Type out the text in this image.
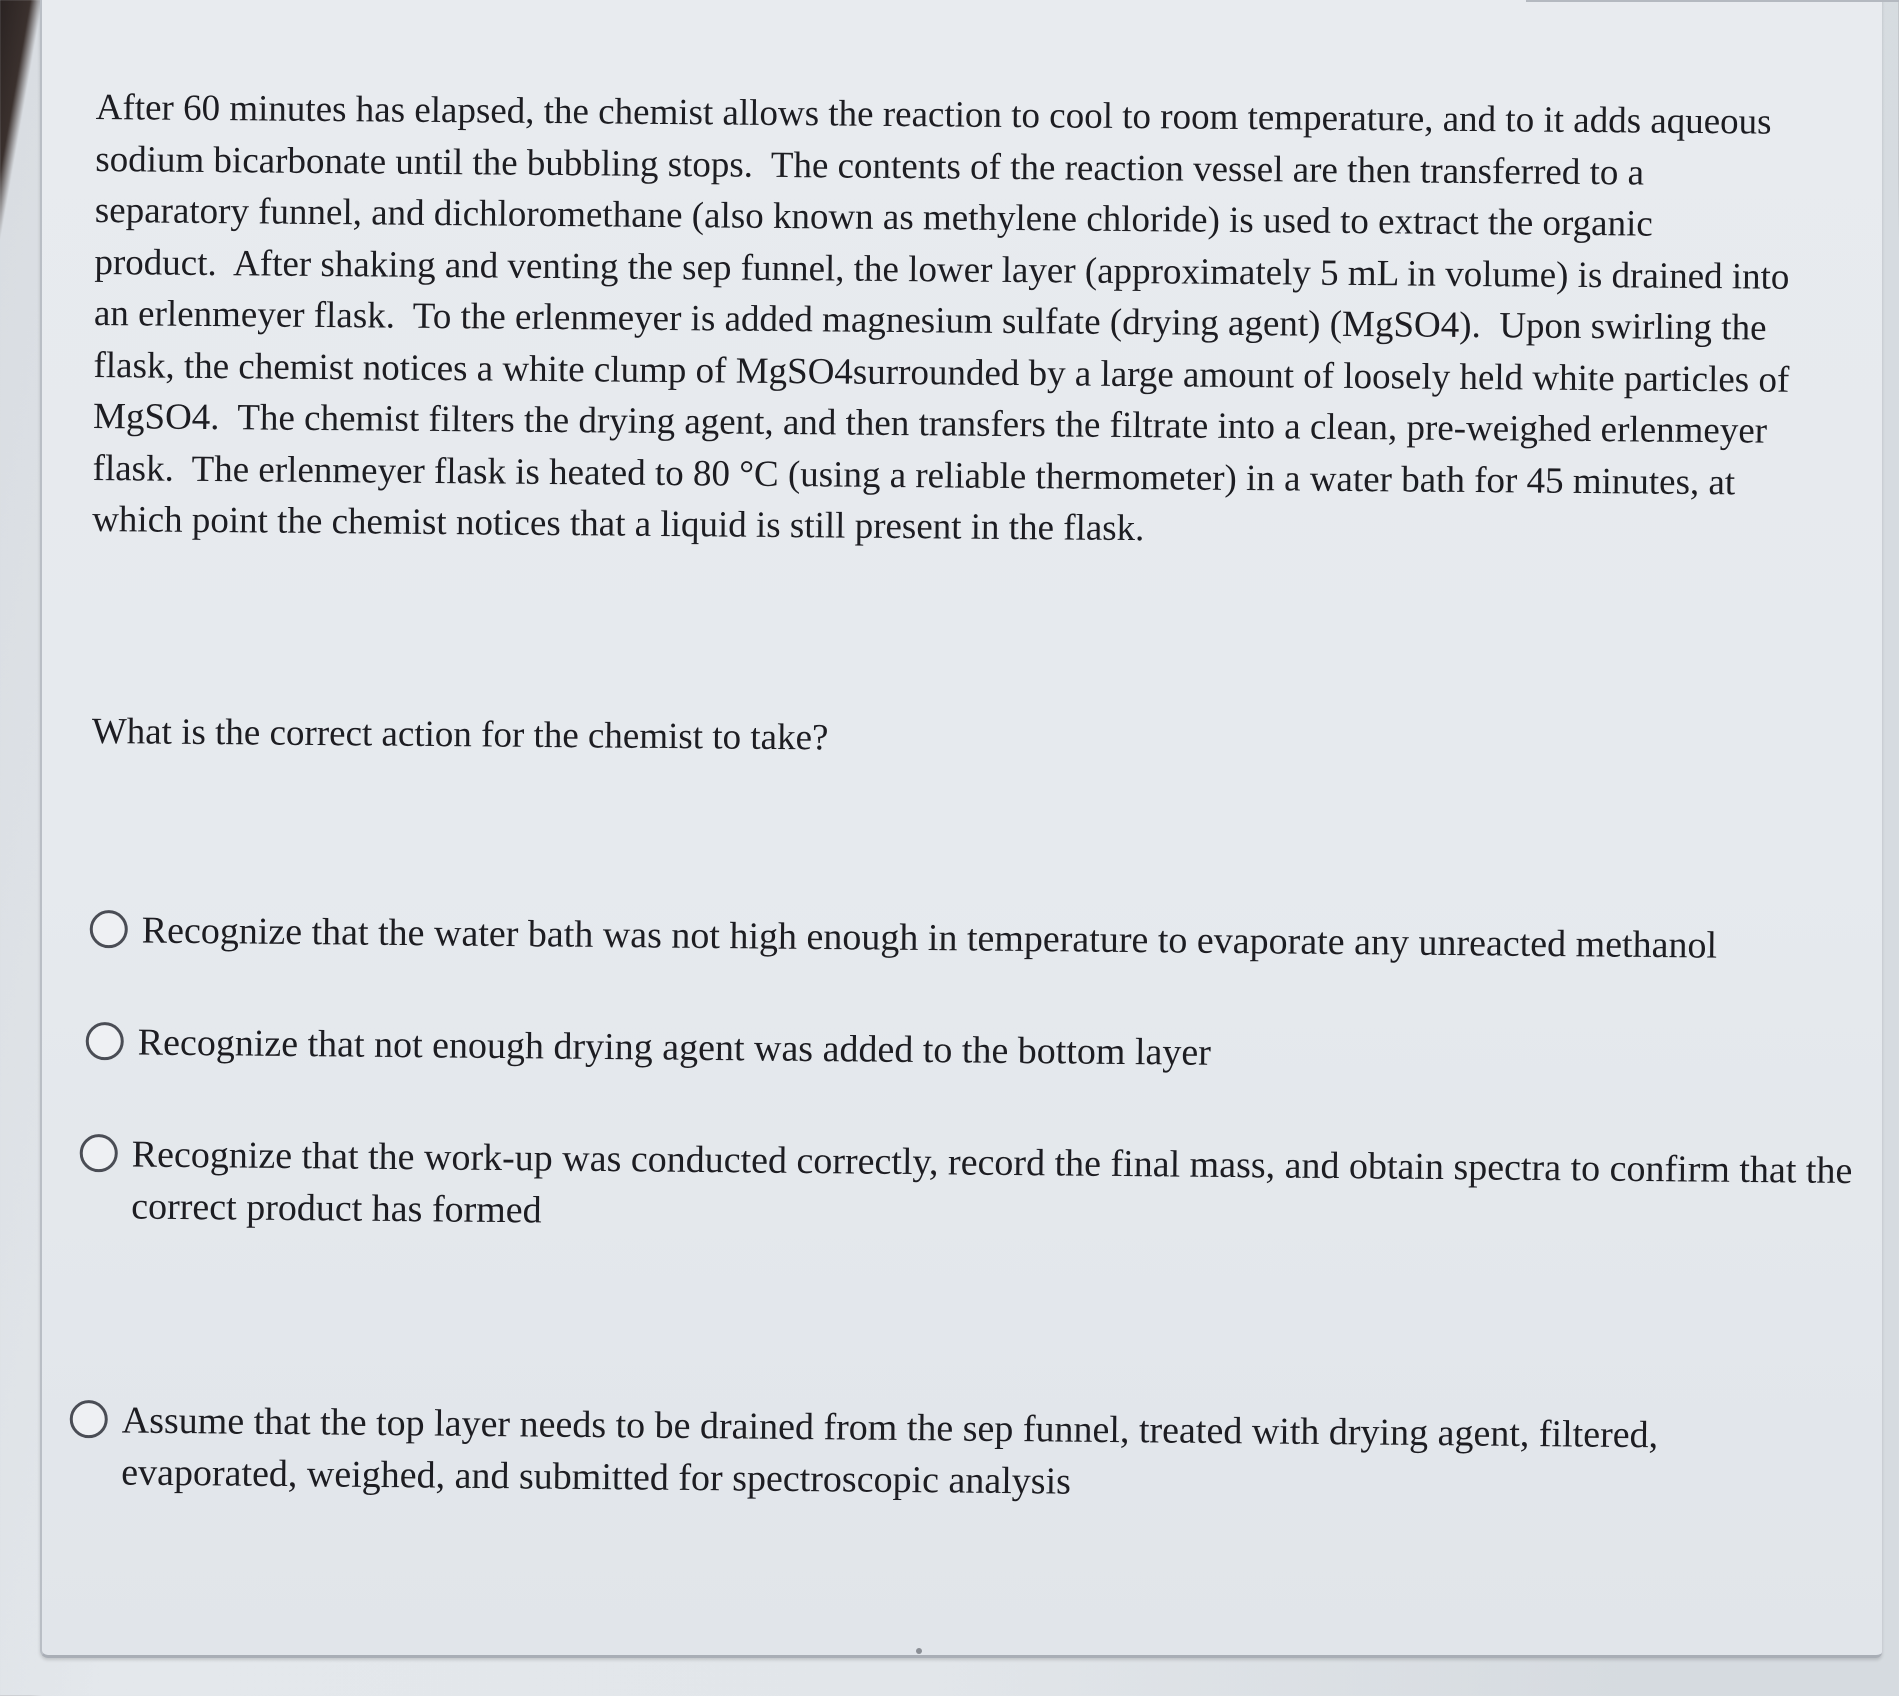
After 60 minutes has elapsed, the chemist allows the reaction to cool to room temperature, and to it adds aqueous

sodium bicarbonate until the bubbling stops.  The contents of the reaction vessel are then transferred to a

separatory funnel, and dichloromethane (also known as methylene chloride) is used to extract the organic

product.  After shaking and venting the sep funnel, the lower layer (approximately 5 mL in volume) is drained into

an erlenmeyer flask.  To the erlenmeyer is added magnesium sulfate (drying agent) (MgSO4).  Upon swirling the

flask, the chemist notices a white clump of MgSO4surrounded by a large amount of loosely held white particles of

MgSO4.  The chemist filters the drying agent, and then transfers the filtrate into a clean, pre-weighed erlenmeyer

flask.  The erlenmeyer flask is heated to 80 °C (using a reliable thermometer) in a water bath for 45 minutes, at

which point the chemist notices that a liquid is still present in the flask.

What is the correct action for the chemist to take?
Recognize that the water bath was not high enough in temperature to evaporate any unreacted methanol
Recognize that not enough drying agent was added to the bottom layer
Recognize that the work-up was conducted correctly, record the final mass, and obtain spectra to confirm that the correct product has formed
Assume that the top layer needs to be drained from the sep funnel, treated with drying agent, filtered, evaporated, weighed, and submitted for spectroscopic analysis
